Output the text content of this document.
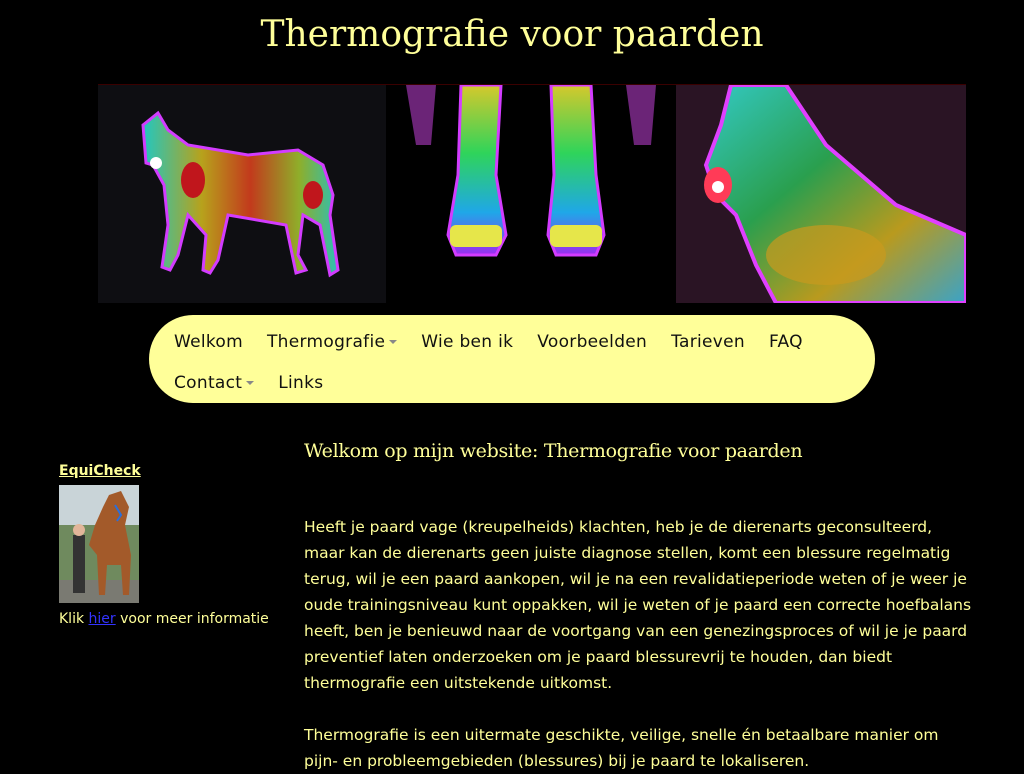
Thermografie voor paarden
Welkom Thermografie	Wie ben ik Voorbeelden Tarieven FAQ
Contact	Links
EquiCheck
Klik hier voor meer informatie
Welkom op mijn website: Thermografie voor paarden

Heeft je paard vage (kreupelheids) klachten, heb je de dierenarts geconsulteerd, maar kan de dierenarts geen juiste diagnose stellen, komt een blessure regelmatig terug, wil je een paard aankopen, wil je na een revalidatieperiode weten of je weer je oude trainingsniveau kunt oppakken, wil je weten of je paard een correcte hoefbalans heeft, ben je benieuwd naar de voortgang van een genezingsproces of wil je je paard preventief laten onderzoeken om je paard blessurevrij te houden, dan biedt thermografie een uitstekende uitkomst.

Thermografie is een uitermate geschikte, veilige, snelle én betaalbare manier om pijn- en probleemgebieden (blessures) bij je paard te lokaliseren.
